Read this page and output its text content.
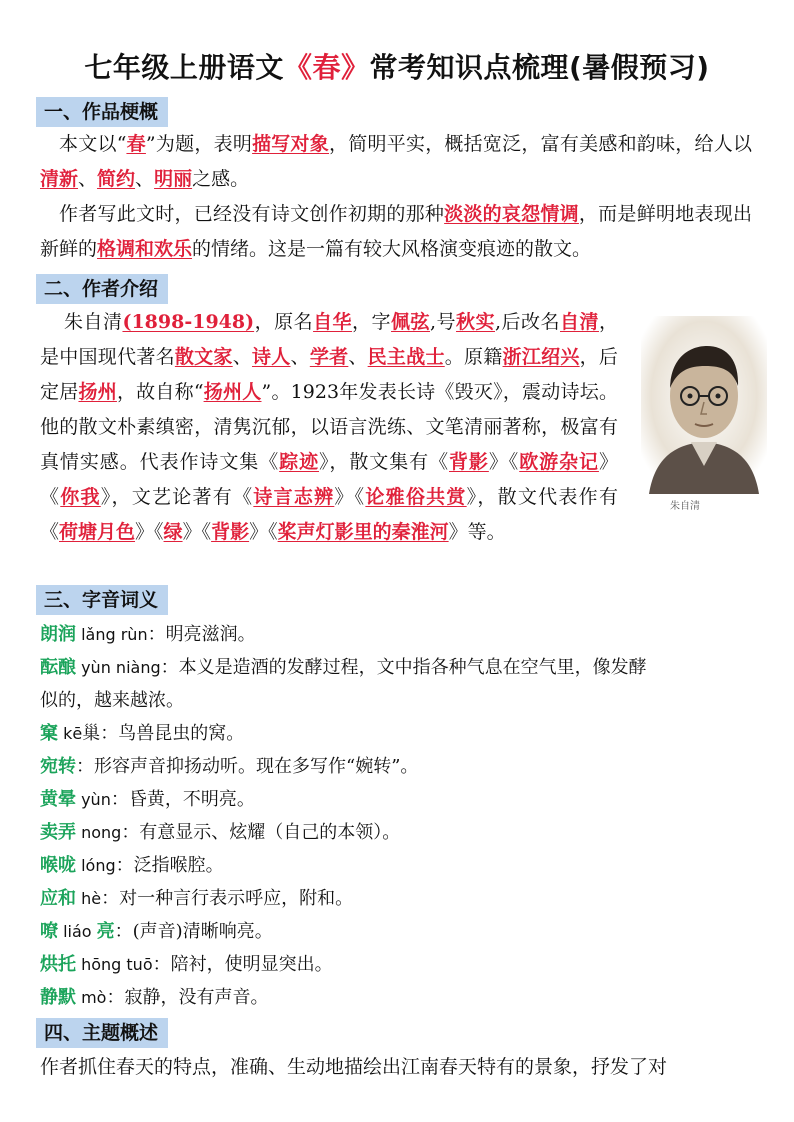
七年级上册语文《春》常考知识点梳理(暑假预习)
一、作品梗概
本文以“春”为题，表明描写对象，简明平实，概括宽泛，富有美感和韵味，给人以清新、简约、明丽之感。
作者写此文时，已经没有诗文创作初期的那种淡淡的哀怨情调，而是鲜明地表现出新鲜的格调和欢乐的情绪。这是一篇有较大风格演变痕迹的散文。
二、作者介绍
朱自清(1898-1948)，原名自华，字佩弦,号秋实,后改名自清，是中国现代著名散文家、诗人、学者、民主战士。原籍浙江绍兴，后定居扬州，故自称“扬州人”。1923年发表长诗《毁灭》，震动诗坛。他的散文朴素缜密，清隽沉郁，以语言洗练、文笔清丽著称，极富有真情实感。代表作诗文集《踪迹》，散文集有《背影》《欧游杂记》《你我》，文艺论著有《诗言志辨》《论雅俗共赏》，散文代表作有《荷塘月色》《绿》《背影》《桨声灯影里的秦淮河》等。
朱自清
三、字音词义
朗润 lǎng rùn：明亮滋润。
酝酿 yùn niàng：本义是造酒的发酵过程，文中指各种气息在空气里，像发酵
似的，越来越浓。
窠 kē巢：鸟兽昆虫的窝。
宛转：形容声音抑扬动听。现在多写作“婉转”。
黄晕 yùn：昏黄，不明亮。
卖弄 nong：有意显示、炫耀（自己的本领）。
喉咙 lóng：泛指喉腔。
应和 hè：对一种言行表示呼应，附和。
嘹 liáo 亮：(声音)清晰响亮。
烘托 hōng tuō：陪衬，使明显突出。
静默 mò：寂静，没有声音。
四、主题概述
作者抓住春天的特点，准确、生动地描绘出江南春天特有的景象，抒发了对
